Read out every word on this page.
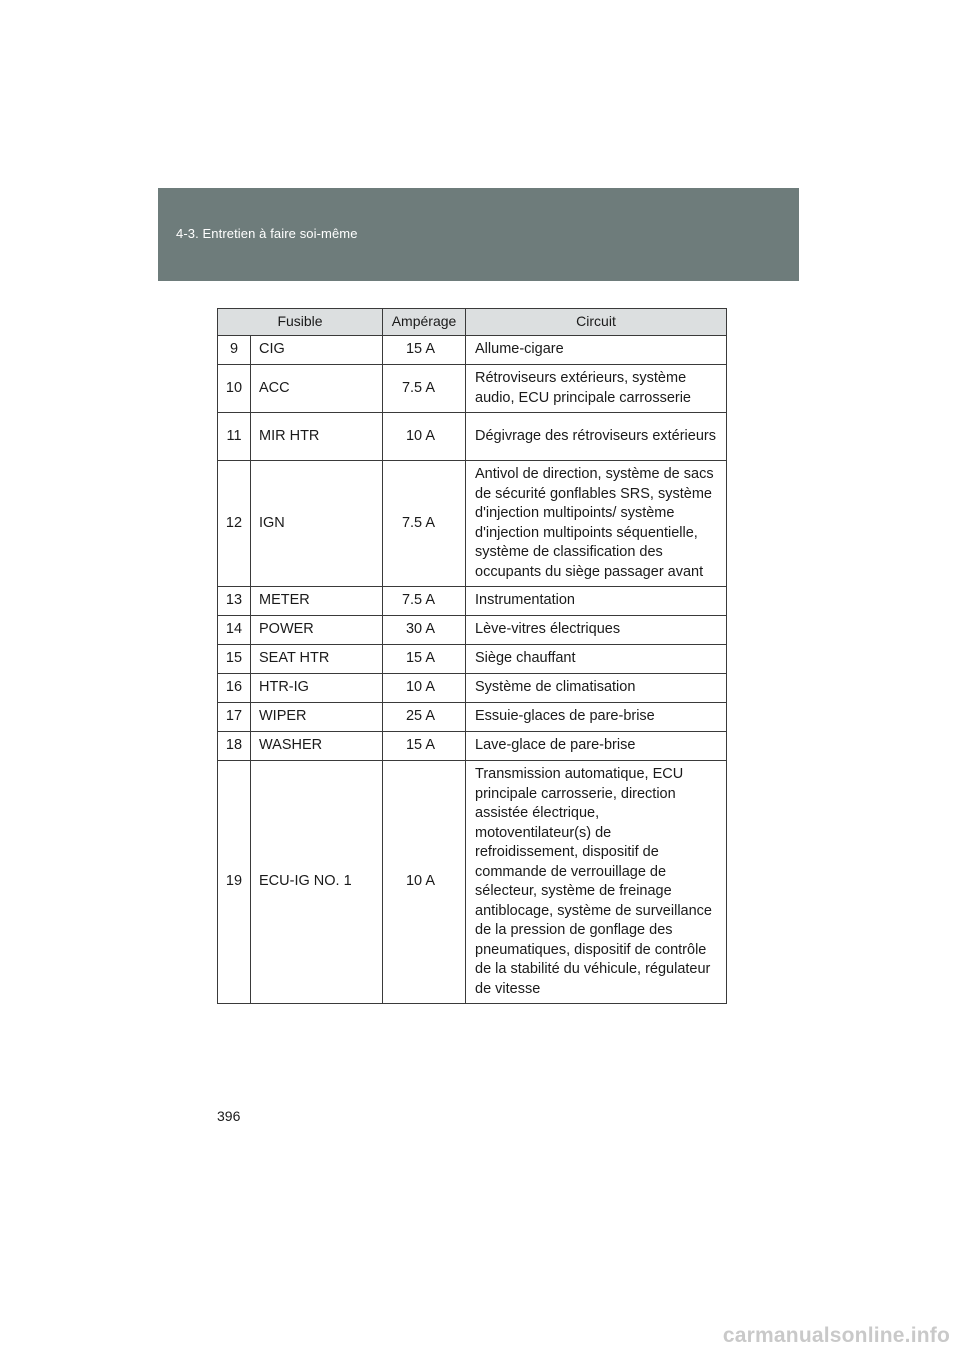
4-3. Entretien à faire soi-même
Fusible		Ampérage	Circuit
9	CIG	15 A	Allume-cigare
10	ACC	7.5 A	Rétroviseurs extérieurs, système audio, ECU principale carrosserie
11	MIR HTR	10 A	Dégivrage des rétroviseurs extérieurs
12	IGN	7.5 A	Antivol de direction, système de sacs de sécurité gonflables SRS, système d'injection multipoints/ système d'injection multipoints séquentielle, système de classification des occupants du siège passager avant
13	METER	7.5 A	Instrumentation
14	POWER	30 A	Lève-vitres électriques
15	SEAT HTR	15 A	Siège chauffant
16	HTR-IG	10 A	Système de climatisation
17	WIPER	25 A	Essuie-glaces de pare-brise
18	WASHER	15 A	Lave-glace de pare-brise
19	ECU-IG NO. 1	10 A	Transmission automatique, ECU principale carrosserie, direction assistée électrique, motoventilateur(s) de refroidissement, dispositif de commande de verrouillage de sélecteur, système de freinage antiblocage, système de surveillance de la pression de gonflage des pneumatiques, dispositif de contrôle de la stabilité du véhicule, régulateur de vitesse
396
carmanualsonline.info
